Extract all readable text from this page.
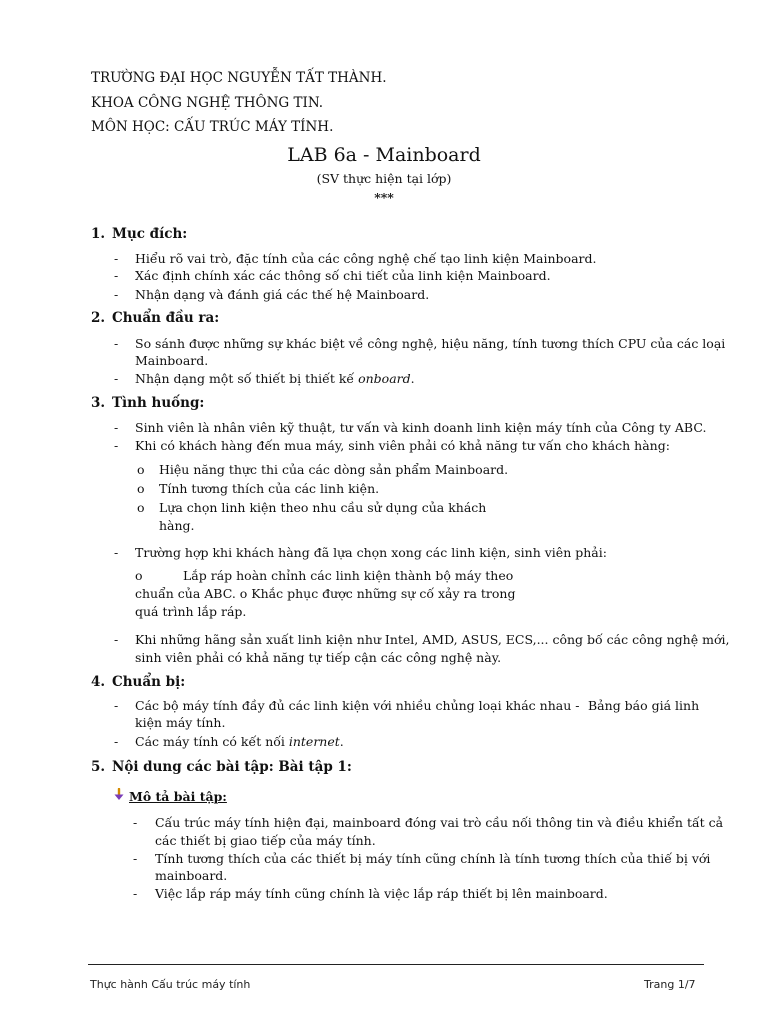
TRƯỜNG ĐẠI HỌC NGUYỄN TẤT THÀNH.
KHOA CÔNG NGHỆ THÔNG TIN.
MÔN HỌC: CẤU TRÚC MÁY TÍNH.
LAB 6a - Mainboard
(SV thực hiện tại lớp)
***
1. Mục đích:
- Hiểu rõ vai trò, đặc tính của các công nghệ chế tạo linh kiện Mainboard.
- Xác định chính xác các thông số chi tiết của linh kiện Mainboard.
- Nhận dạng và đánh giá các thế hệ Mainboard.
2. Chuẩn đầu ra:
- So sánh được những sự khác biệt về công nghệ, hiệu năng, tính tương thích CPU của các loại
Mainboard.
- Nhận dạng một số thiết bị thiết kế onboard.
3. Tình huống:
- Sinh viên là nhân viên kỹ thuật, tư vấn và kinh doanh linh kiện máy tính của Công ty ABC.
- Khi có khách hàng đến mua máy, sinh viên phải có khả năng tư vấn cho khách hàng:
o Hiệu năng thực thi của các dòng sản phẩm Mainboard.
o Tính tương thích của các linh kiện.
o Lựa chọn linh kiện theo nhu cầu sử dụng của khách
hàng.
- Trường hợp khi khách hàng đã lựa chọn xong các linh kiện, sinh viên phải:
o	Lắp ráp hoàn chỉnh các linh kiện thành bộ máy theo
chuẩn của ABC. o Khắc phục được những sự cố xảy ra trong
quá trình lắp ráp.
- Khi những hãng sản xuất linh kiện như Intel, AMD, ASUS, ECS,... công bố các công nghệ mới,
sinh viên phải có khả năng tự tiếp cận các công nghệ này.
4. Chuẩn bị:
- Các bộ máy tính đầy đủ các linh kiện với nhiều chủng loại khác nhau - Bảng báo giá linh
kiện máy tính.
- Các máy tính có kết nối internet.
5. Nội dung các bài tập: Bài tập 1:
Mô tả bài tập:
- Cấu trúc máy tính hiện đại, mainboard đóng vai trò cầu nối thông tin và điều khiển tất cả
các thiết bị giao tiếp của máy tính.
- Tính tương thích của các thiết bị máy tính cũng chính là tính tương thích của thiế bị với
mainboard.
- Việc lắp ráp máy tính cũng chính là việc lắp ráp thiết bị lên mainboard.
Thực hành Cấu trúc máy tính	Trang 1/7
